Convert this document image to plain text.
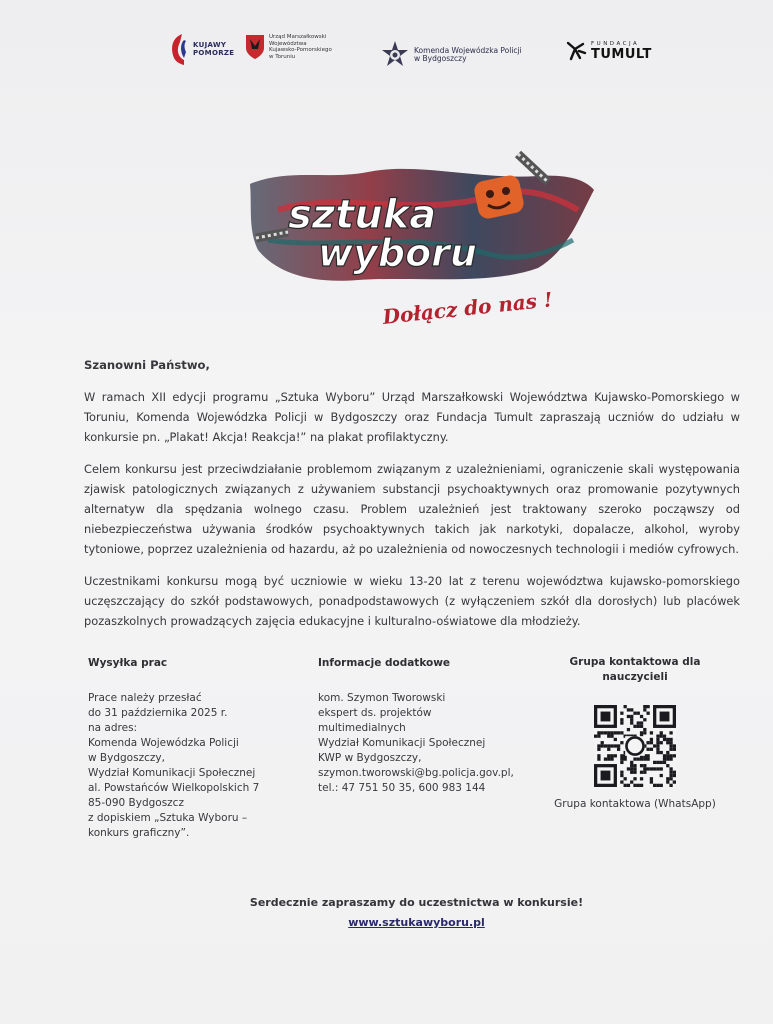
KUJAWY
POMORZE
Urząd Marszałkowski
Województwa
Kujawsko-Pomorskiego
w Toruniu
Komenda Wojewódzka Policji
w Bydgoszczy
FUNDACJA
TUMULT
sztuka
wyboru
Dołącz do nas !
Szanowni Państwo,

W ramach XII edycji programu „Sztuka Wyboru” Urząd Marszałkowski Województwa Kujawsko-Pomorskiego w Toruniu, Komenda Wojewódzka Policji w Bydgoszczy oraz Fundacja Tumult zapraszają uczniów do udziału w konkursie pn. „Plakat! Akcja! Reakcja!” na plakat profilaktyczny.

Celem konkursu jest przeciwdziałanie problemom związanym z uzależnieniami, ograniczenie skali występowania zjawisk patologicznych związanych z używaniem substancji psychoaktywnych oraz promowanie pozytywnych alternatyw dla spędzania wolnego czasu. Problem uzależnień jest traktowany szeroko począwszy od niebezpieczeństwa używania środków psychoaktywnych takich jak narkotyki, dopalacze, alkohol, wyroby tytoniowe, poprzez uzależnienia od hazardu, aż po uzależnienia od nowoczesnych technologii i mediów cyfrowych.

Uczestnikami konkursu mogą być uczniowie w wieku 13-20 lat z terenu województwa kujawsko-pomorskiego uczęszczający do szkół podstawowych, ponadpodstawowych (z wyłączeniem szkół dla dorosłych) lub placówek pozaszkolnych prowadzących zajęcia edukacyjne i kulturalno-oświatowe dla młodzieży.

Wysyłka prac
Prace należy przesłać
do 31 października 2025 r.
na adres:
Komenda Wojewódzka Policji
w Bydgoszczy,
Wydział Komunikacji Społecznej
al. Powstańców Wielkopolskich 7
85-090 Bydgoszcz
z dopiskiem „Sztuka Wyboru –
konkurs graficzny”.
Informacje dodatkowe
kom. Szymon Tworowski
ekspert ds. projektów
multimedialnych
Wydział Komunikacji Społecznej
KWP w Bydgoszczy,
szymon.tworowski@bg.policja.gov.pl,
tel.: 47 751 50 35, 600 983 144
Grupa kontaktowa dla nauczycieli
Grupa kontaktowa (WhatsApp)
Serdecznie zapraszamy do uczestnictwa w konkursie!
www.sztukawyboru.pl
